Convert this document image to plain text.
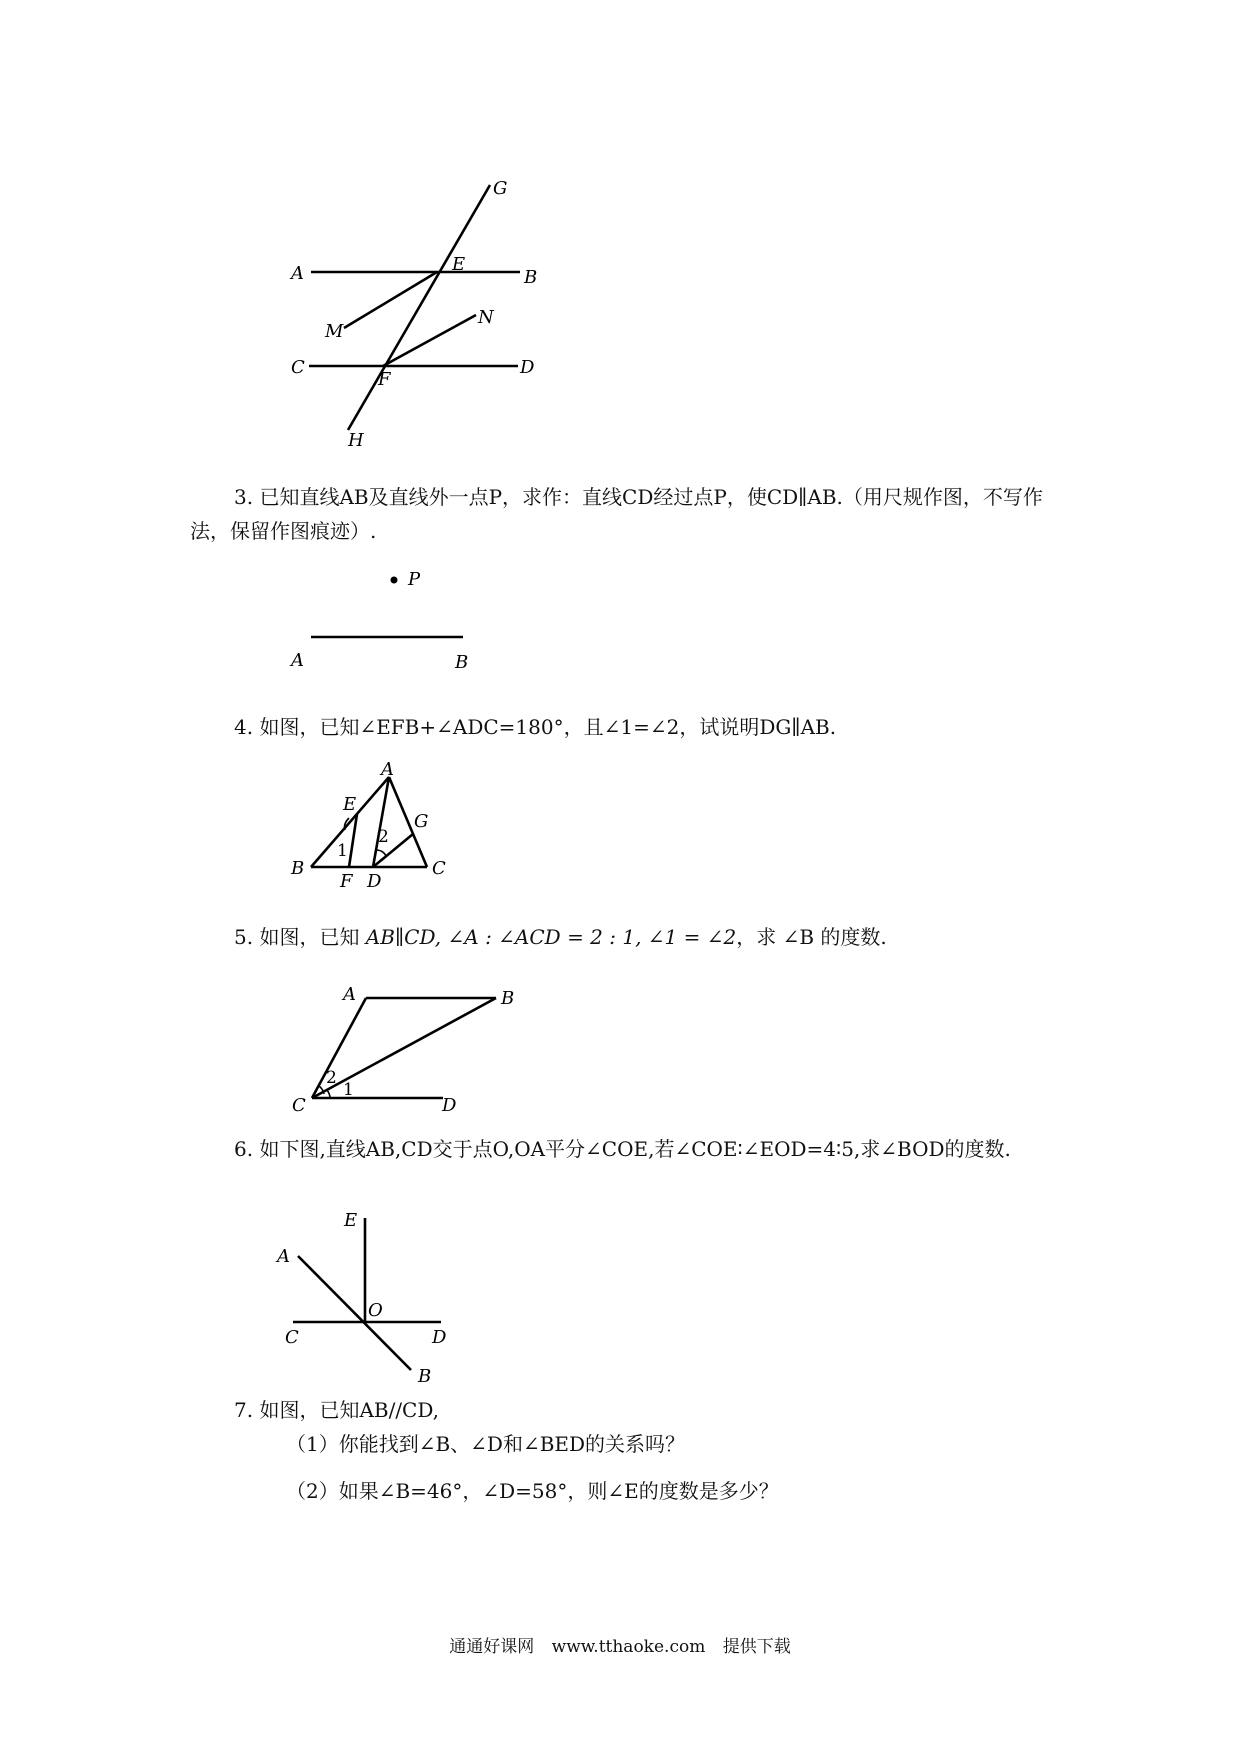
G
A	E
B
M
N
C
F
D
H

3. 已知直线AB及直线外一点P，求作：直线CD经过点P，使CD∥AB.（用尺规作图，不写作法，保留作图痕迹）.

P
A	B

4. 如图，已知∠EFB+∠ADC=180°，且∠1=∠2，试说明DG∥AB.

A
E
G
1
2
B
F D
C

5. 如图，已知 AB∥CD, ∠A : ∠ACD = 2 : 1, ∠1 = ∠2，求 ∠B 的度数.

A	B
2
1
C	D

6. 如下图,直线AB,CD交于点O,OA平分∠COE,若∠COE∶∠EOD=4∶5,求∠BOD的度数.

E
A
O
C	D
B

7. 如图，已知AB//CD,

（1）你能找到∠B、∠D和∠BED的关系吗？

（2）如果∠B=46°，∠D=58°，则∠E的度数是多少？

通通好课网 www.tthaoke.com 提供下载
